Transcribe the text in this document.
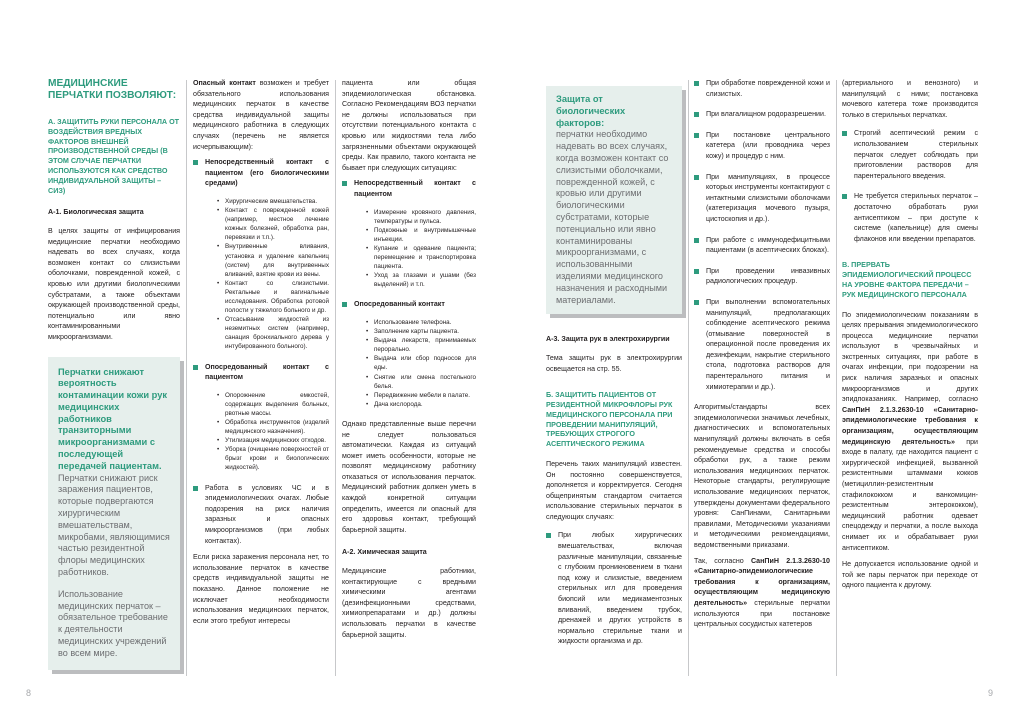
МЕДИЦИНСКИЕ ПЕРЧАТКИ ПОЗВОЛЯЮТ:
А. ЗАЩИТИТЬ РУКИ ПЕРСОНАЛА ОТ ВОЗДЕЙСТВИЯ ВРЕДНЫХ ФАКТОРОВ ВНЕШНЕЙ ПРОИЗВОДСТВЕННОЙ СРЕДЫ (В ЭТОМ СЛУЧАЕ ПЕРЧАТКИ ИСПОЛЬЗУЮТСЯ КАК СРЕДСТВО ИНДИВИДУАЛЬНОЙ ЗАЩИТЫ – СИЗ)
А-1. Биологическая защита

В целях защиты от инфицирования медицинские перчатки необходимо надевать во всех случаях, когда возможен контакт со слизистыми оболочками, поврежденной кожей, с кровью или другими биологическими субстратами, а также объектами окружающей производственной среды, потенциально или явно контаминированными микроорганизмами.

Перчатки снижают вероятность контаминации кожи рук медицинских работников транзиторными микроорганизмами с последующей передачей пациентам.
Перчатки снижают риск заражения пациентов, которые подвергаются хирургическим вмешательствам, микробами, являющимися частью резидентной флоры медицинских работников.
Использование медицинских перчаток – обязательное требование к деятельности медицинских учреждений во всем мире.

Опасный контакт возможен и требует обязательного использования медицинских перчаток в качестве средства индивидуальной защиты медицинского работника в следующих случаях (перечень не является исчерпывающим):

Непосредственный контакт с пациентом (его биологическими средами)
• Хирургические вмешательства.
• Контакт с поврежденной кожей (например, местное лечение кожных болезней, обработка ран, перевязки и т.п.).
• Внутривенные вливания, установка и удаление капельниц (систем) для внутривенных вливаний, взятие крови из вены.
• Контакт со слизистыми. Ректальные и вагинальные исследования. Обработка ротовой полости у тяжелого больного и др.
• Отсасывание жидкостей из неземитных систем (например, санация бронхиального дерева у интубированного больного).
Опосредованный контакт с пациентом
• Опорожнение емкостей, содержащих выделения больных, рвотные массы.
• Обработка инструментов (изделий медицинского назначения).
• Утилизация медицинских отходов.
• Уборка (очищение поверхностей от брызг крови и биологических жидкостей).
Работа в условиях ЧС и в эпидемиологических очагах. Любые подозрения на риск наличия заразных и опасных микроорганизмов (при любых контактах).

Если риска заражения персонала нет, то использование перчаток в качестве средств индивидуальной защиты не показано. Данное положение не исключает необходимости использования медицинских перчаток, если этого требуют интересы

пациента или общая эпидемиологическая обстановка. Согласно Рекомендациям ВОЗ перчатки не должны использоваться при отсутствии потенциального контакта с кровью или жидкостями тела либо загрязненными объектами окружающей среды. Как правило, такого контакта не бывает при следующих ситуациях:

Непосредственный контакт с пациентом
• Измерение кровяного давления, температуры и пульса.
• Подкожные и внутримышечные инъекции.
• Купание и одевание пациента; перемещение и транспортировка пациента.
• Уход за глазами и ушами (без выделений) и т.п.
Опосредованный контакт
• Использование телефона.
• Заполнение карты пациента.
• Выдача лекарств, принимаемых перорально.
• Выдача или сбор подносов для еды.
• Снятие или смена постельного белья.
• Передвижение мебели в палате.
• Дача кислорода.

Однако представленные выше перечни не следует пользоваться автоматически. Каждая из ситуаций может иметь особенности, которые не позволят медицинскому работнику отказаться от использования перчаток. Медицинский работник должен уметь в каждой конкретной ситуации определить, имеется ли опасный для его здоровья контакт, требующий барьерной защиты.

А-2. Химическая защита

Медицинские работники, контактирующие с вредными химическими агентами (дезинфекционными средствами, химиопрепаратами и др.) должны использовать перчатки в качестве барьерной защиты.

8
Защита от биологических факторов:
перчатки необходимо надевать во всех случаях, когда возможен контакт со слизистыми оболочками, поврежденной кожей, с кровью или другими биологическими субстратами, которые потенциально или явно контаминированы микроорганизмами, с использованными изделиями медицинского назначения и расходными материалами.
А-3. Защита рук в электрохирургии

Тема защиты рук в электрохирургии освещается на стр. 55.

Б. ЗАЩИТИТЬ ПАЦИЕНТОВ ОТ РЕЗИДЕНТНОЙ МИКРОФЛОРЫ РУК МЕДИЦИНСКОГО ПЕРСОНАЛА ПРИ ПРОВЕДЕНИИ МАНИПУЛЯЦИЙ, ТРЕБУЮЩИХ СТРОГОГО АСЕПТИЧЕСКОГО РЕЖИМА

Перечень таких манипуляций известен. Он постоянно совершенствуется, дополняется и корректируется. Сегодня общепринятым стандартом считается использование стерильных перчаток в следующих случаях:

При любых хирургических вмешательствах, включая различные манипуляции, связанные с глубоким проникновением в ткани под кожу и слизистые, введением стерильных игл для проведения биопсий или медикаментозных вливаний, введением трубок, дренажей и других устройств в нормально стерильные ткани и жидкости организма и др.
При обработке поврежденной кожи и слизистых.
При влагалищном родоразрешении.
При постановке центрального катетера (или проводника через кожу) и процедур с ним.
При манипуляциях, в процессе которых инструменты контактируют с интактными слизистыми оболочками (катетеризация мочевого пузыря, цистоскопия и др.).
При работе с иммунодефицитными пациентами (в асептических блоках).
При проведении инвазивных радиологических процедур.
При выполнении вспомогательных манипуляций, предполагающих соблюдение асептического режима (отмывание поверхностей в операционной после проведения их дезинфекции, накрытие стерильного стола, подготовка растворов для парентерального питания и химиотерапии и др.).

Алгоритмы/стандарты всех эпидемиологически значимых лечебных, диагностических и вспомогательных манипуляций должны включать в себя рекомендуемые средства и способы обработки рук, а также режим использования медицинских перчаток. Некоторые стандарты, регулирующие использование медицинских перчаток, утверждены документами федерального уровня: СанПинами, Санитарными правилами, Методическими указаниями и методическими рекомендациями, ведомственными приказами.

Так, согласно СанПиН 2.1.3.2630-10 «Санитарно-эпидемиологические требования к организациям, осуществляющим медицинскую деятельность» стерильные перчатки используются при постановке центральных сосудистых катетеров

(артериального и венозного) и манипуляций с ними; постановка мочевого катетера тоже производится только в стерильных перчатках.

Строгий асептический режим с использованием стерильных перчаток следует соблюдать при приготовлении растворов для парентерального введения.
Не требуется стерильных перчаток – достаточно обработать руки антисептиком – при доступе к системе (капельнице) для смены флаконов или введении препаратов.
В. ПРЕРВАТЬ ЭПИДЕМИОЛОГИЧЕСКИЙ ПРОЦЕСС НА УРОВНЕ ФАКТОРА ПЕРЕДАЧИ – РУК МЕДИЦИНСКОГО ПЕРСОНАЛА

По эпидемиологическим показаниям в целях прерывания эпидемиологического процесса медицинские перчатки используют в чрезвычайных и экстренных ситуациях, при работе в очагах инфекции, при подозрении на риск наличия заразных и опасных микроорганизмов и других эпидпоказаниях. Например, согласно СанПиН 2.1.3.2630-10 «Санитарно-эпидемиологические требования к организациям, осуществляющим медицинскую деятельность» при входе в палату, где находится пациент с хирургической инфекцией, вызванной резистентными штаммами кокков (метициллин-резистентным стафилококком и ванкомицин-резистентным энтерококком), медицинский работник одевает спецодежду и перчатки, а после выхода снимает их и обрабатывает руки антисептиком.

Не допускается использование одной и той же пары перчаток при переходе от одного пациента к другому.

9
